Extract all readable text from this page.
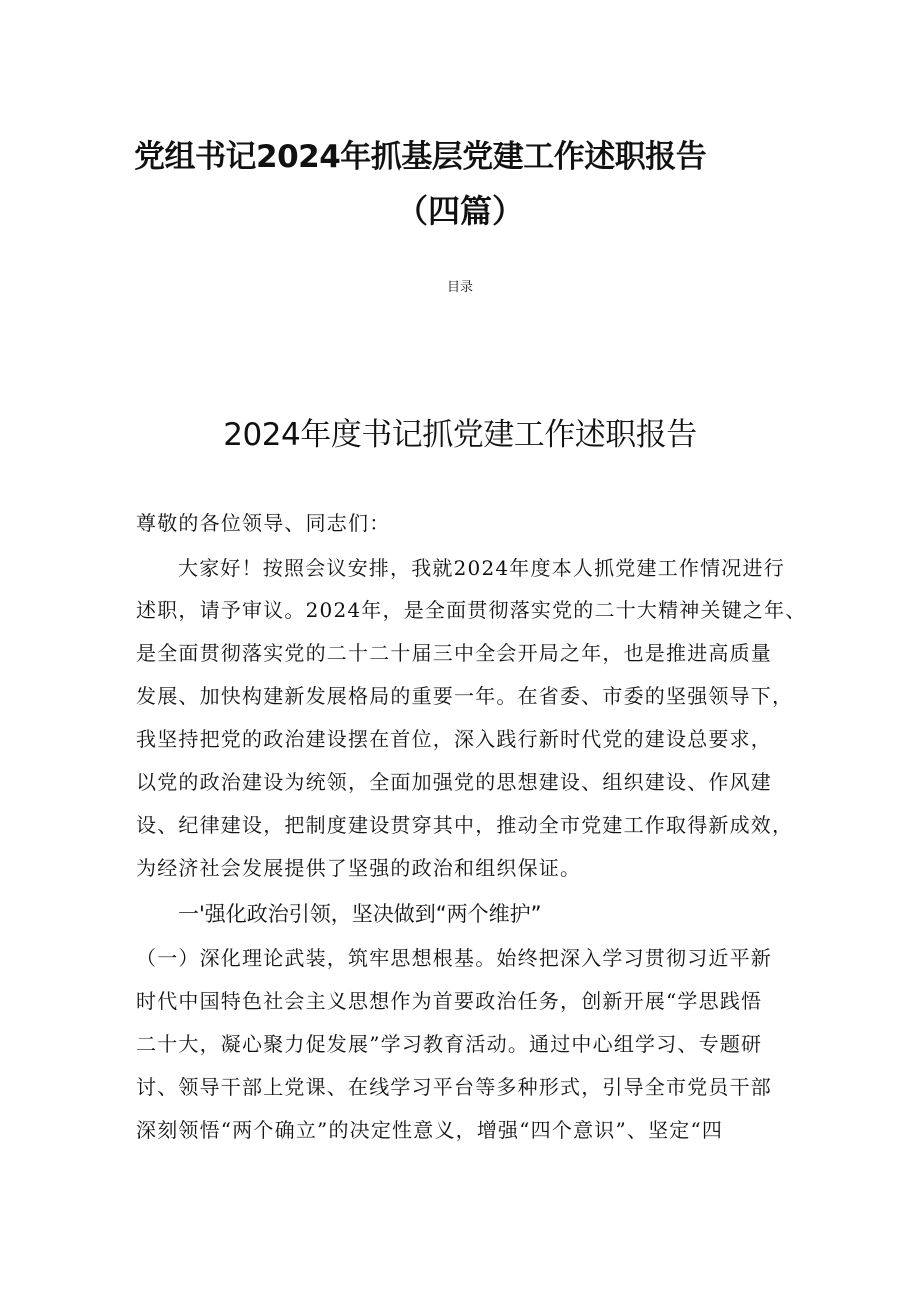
党组书记2024年抓基层党建工作述职报告
（四篇）
目录
2024年度书记抓党建工作述职报告
尊敬的各位领导、同志们：
大家好！按照会议安排，我就2024年度本人抓党建工作情况进行
述职，请予审议。2024年，是全面贯彻落实党的二十大精神关键之年、
是全面贯彻落实党的二十二十届三中全会开局之年，也是推进高质量
发展、加快构建新发展格局的重要一年。在省委、市委的坚强领导下，
我坚持把党的政治建设摆在首位，深入践行新时代党的建设总要求，
以党的政治建设为统领，全面加强党的思想建设、组织建设、作风建
设、纪律建设，把制度建设贯穿其中，推动全市党建工作取得新成效，
为经济社会发展提供了坚强的政治和组织保证。
一'强化政治引领，坚决做到“两个维护”
（一）深化理论武装，筑牢思想根基。始终把深入学习贯彻习近平新
时代中国特色社会主义思想作为首要政治任务，创新开展“学思践悟
二十大，凝心聚力促发展”学习教育活动。通过中心组学习、专题研
讨、领导干部上党课、在线学习平台等多种形式，引导全市党员干部
深刻领悟“两个确立”的决定性意义，增强“四个意识”、坚定“四
